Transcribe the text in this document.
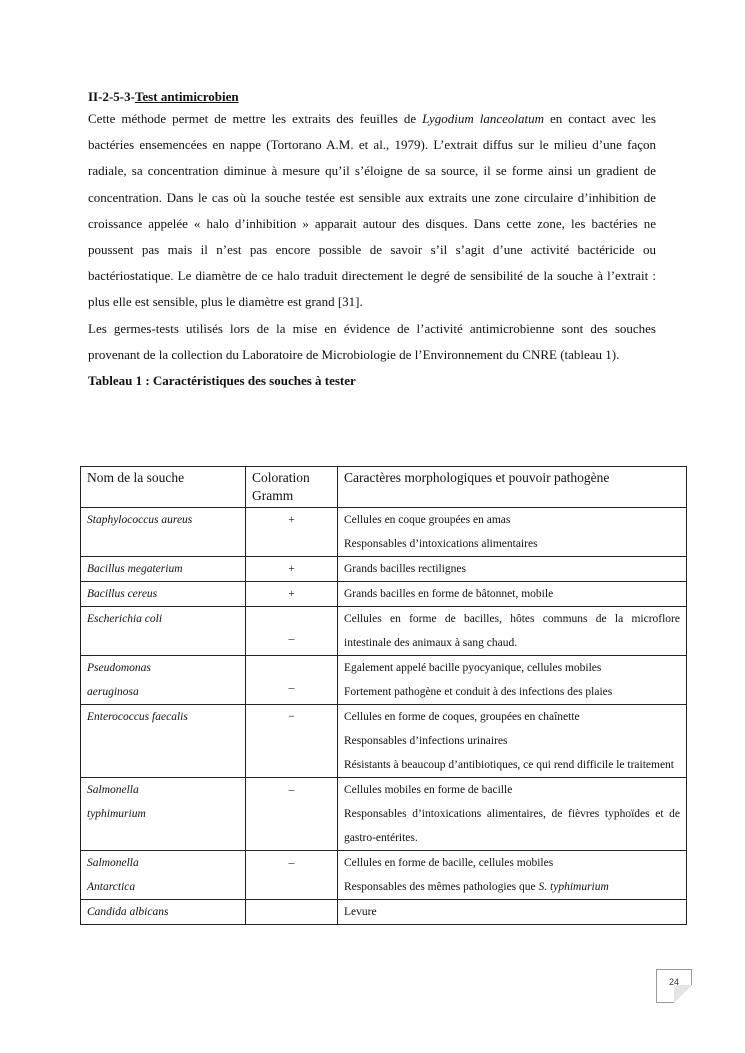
II-2-5-3-Test antimicrobien

Cette méthode permet de mettre les extraits des feuilles de Lygodium lanceolatum en contact avec les bactéries ensemencées en nappe (Tortorano A.M. et al., 1979). L’extrait diffus sur le milieu d’une façon radiale, sa concentration diminue à mesure qu’il s’éloigne de sa source, il se forme ainsi un gradient de concentration. Dans le cas où la souche testée est sensible aux extraits une zone circulaire d’inhibition de croissance appelée « halo d’inhibition » apparait autour des disques. Dans cette zone, les bactéries ne poussent pas mais il n’est pas encore possible de savoir s’il s’agit d’une activité bactéricide ou bactériostatique. Le diamètre de ce halo traduit directement le degré de sensibilité de la souche à l’extrait : plus elle est sensible, plus le diamètre est grand [31].

Les germes-tests utilisés lors de la mise en évidence de l’activité antimicrobienne sont des souches provenant de la collection du Laboratoire de Microbiologie de l’Environnement du CNRE (tableau 1).

Tableau 1 : Caractéristiques des souches à tester

Nom de la souche	Coloration Gramm	Caractères morphologiques et pouvoir pathogène

Staphylococcus aureus	+	Cellules en coque groupées en amas
Responsables d’intoxications alimentaires

Bacillus megaterium	+	Grands bacilles rectilignes

Bacillus cereus	+	Grands bacilles en forme de bâtonnet, mobile

Escherichia coli	–	Cellules en forme de bacilles, hôtes communs de la microflore intestinale des animaux à sang chaud.

Pseudomonas
aeruginosa	–	Egalement appelé bacille pyocyanique, cellules mobiles
Fortement pathogène et conduit à des infections des plaies

Enterococcus faecalis	−	Cellules en forme de coques, groupées en chaînette
Responsables d’infections urinaires
Résistants à beaucoup d’antibiotiques, ce qui rend difficile le traitement

Salmonella
typhimurium	–	Cellules mobiles en forme de bacille
Responsables d’intoxications alimentaires, de fièvres typhoïdes et de gastro-entérites.

Salmonella
Antarctica	–	Cellules en forme de bacille, cellules mobiles
Responsables des mêmes pathologies que S. typhimurium

Candida albicans		Levure
24
